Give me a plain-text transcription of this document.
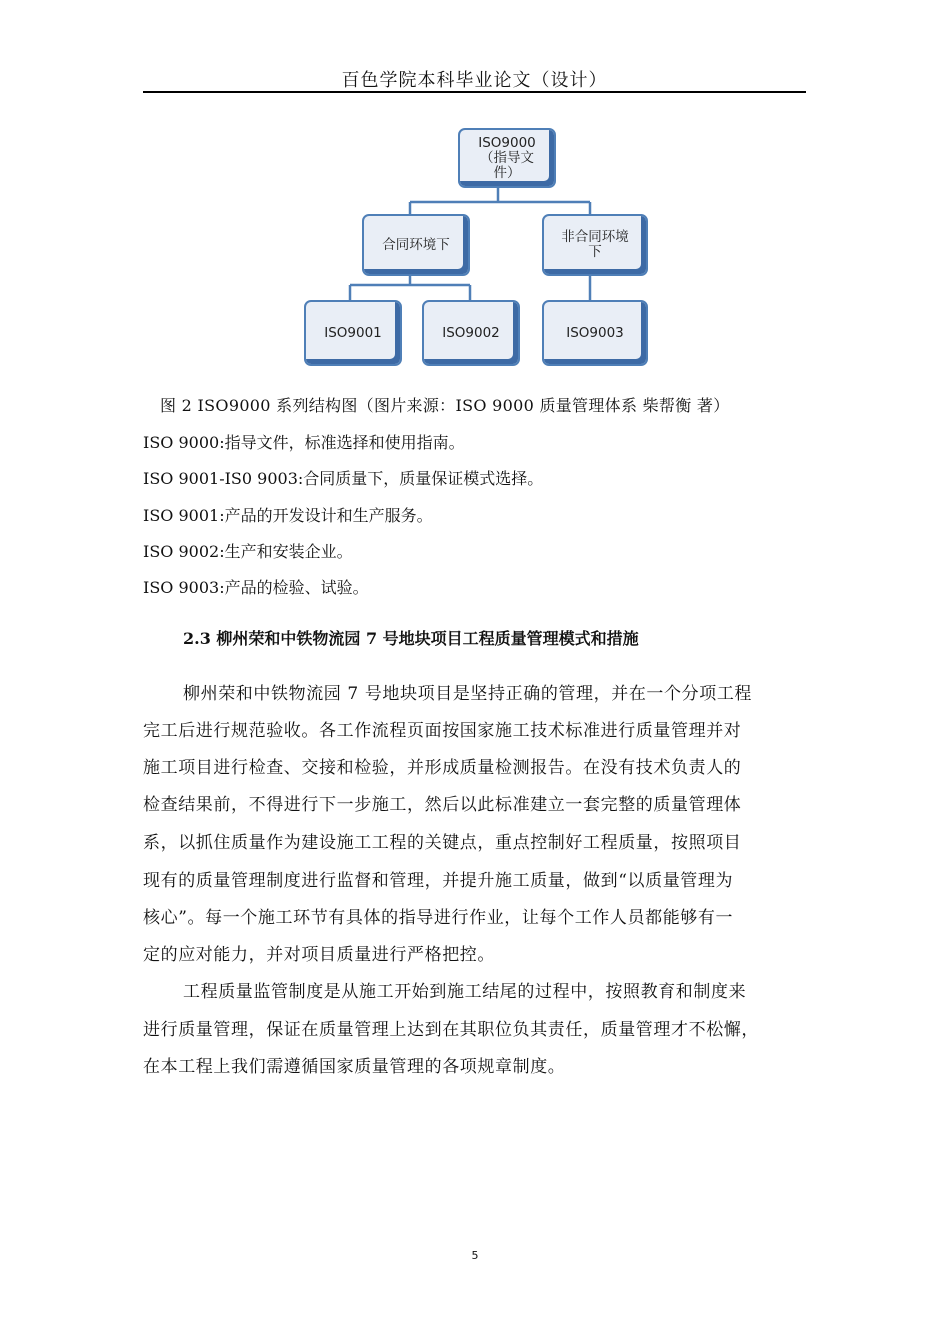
百色学院本科毕业论文（设计）
ISO9000
（指导文
件）
合同环境下	非合同环境
下
ISO9001	ISO9002	ISO9003
图 2 ISO9000 系列结构图（图片来源：ISO 9000 质量管理体系 柴帮衡 著）
ISO 9000:指导文件，标准选择和使用指南。
ISO 9001-IS0 9003:合同质量下，质量保证模式选择。
ISO 9001:产品的开发设计和生产服务。
ISO 9002:生产和安装企业。
ISO 9003:产品的检验、试验。
2.3 柳州荣和中铁物流园 7 号地块项目工程质量管理模式和措施
柳州荣和中铁物流园 7 号地块项目是坚持正确的管理，并在一个分项工程
完工后进行规范验收。各工作流程页面按国家施工技术标准进行质量管理并对
施工项目进行检查、交接和检验，并形成质量检测报告。在没有技术负责人的
检查结果前，不得进行下一步施工，然后以此标准建立一套完整的质量管理体
系，以抓住质量作为建设施工工程的关键点，重点控制好工程质量，按照项目
现有的质量管理制度进行监督和管理，并提升施工质量，做到“以质量管理为
核心”。每一个施工环节有具体的指导进行作业，让每个工作人员都能够有一
定的应对能力，并对项目质量进行严格把控。
工程质量监管制度是从施工开始到施工结尾的过程中，按照教育和制度来
进行质量管理，保证在质量管理上达到在其职位负其责任，质量管理才不松懈，
在本工程上我们需遵循国家质量管理的各项规章制度。
5
